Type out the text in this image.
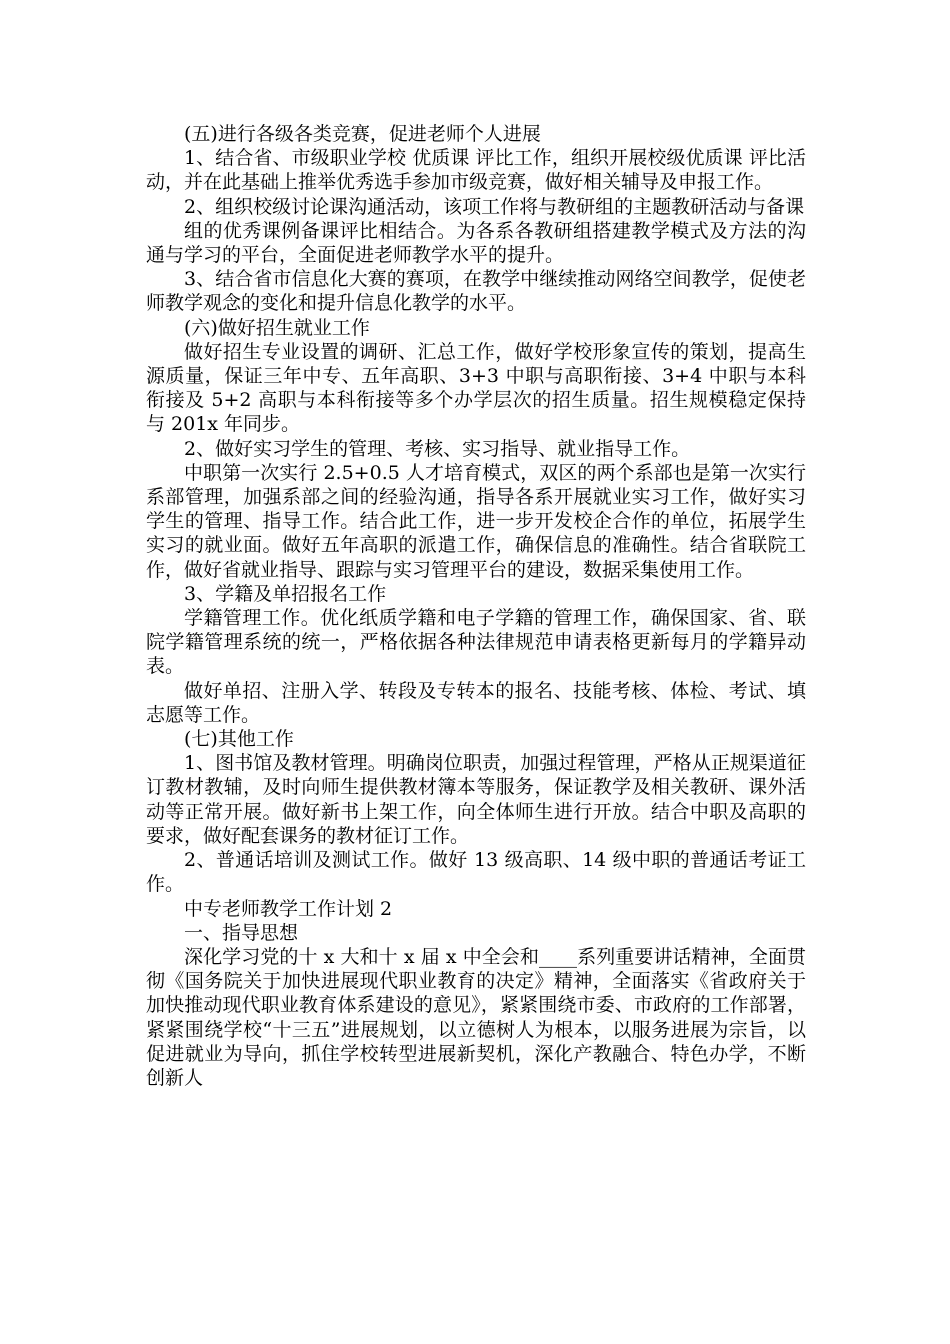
(五)进行各级各类竞赛，促进老师个人进展

1、结合省、市级职业学校 优质课 评比工作，组织开展校级优质课 评比活动，并在此基础上推举优秀选手参加市级竞赛，做好相关辅导及申报工作。

2、组织校级讨论课沟通活动，该项工作将与教研组的主题教研活动与备课

组的优秀课例备课评比相结合。为各系各教研组搭建教学模式及方法的沟通与学习的平台，全面促进老师教学水平的提升。

3、结合省市信息化大赛的赛项，在教学中继续推动网络空间教学，促使老师教学观念的变化和提升信息化教学的水平。

(六)做好招生就业工作

做好招生专业设置的调研、汇总工作，做好学校形象宣传的策划，提高生源质量，保证三年中专、五年高职、3+3 中职与高职衔接、3+4 中职与本科衔接及 5+2 高职与本科衔接等多个办学层次的招生质量。招生规模稳定保持与 201x 年同步。

2、做好实习学生的管理、考核、实习指导、就业指导工作。

中职第一次实行 2.5+0.5 人才培育模式，双区的两个系部也是第一次实行系部管理，加强系部之间的经验沟通，指导各系开展就业实习工作，做好实习学生的管理、指导工作。结合此工作，进一步开发校企合作的单位，拓展学生实习的就业面。做好五年高职的派遣工作，确保信息的准确性。结合省联院工作，做好省就业指导、跟踪与实习管理平台的建设，数据采集使用工作。

3、学籍及单招报名工作

学籍管理工作。优化纸质学籍和电子学籍的管理工作，确保国家、省、联院学籍管理系统的统一，严格依据各种法律规范申请表格更新每月的学籍异动表。

做好单招、注册入学、转段及专转本的报名、技能考核、体检、考试、填志愿等工作。

(七)其他工作

1、图书馆及教材管理。明确岗位职责，加强过程管理，严格从正规渠道征订教材教辅，及时向师生提供教材簿本等服务，保证教学及相关教研、课外活动等正常开展。做好新书上架工作，向全体师生进行开放。结合中职及高职的要求，做好配套课务的教材征订工作。

2、普通话培训及测试工作。做好 13 级高职、14 级中职的普通话考证工作。

中专老师教学工作计划 2

一、指导思想

深化学习党的十 x 大和十 x 届 x 中全会和____系列重要讲话精神，全面贯彻《国务院关于加快进展现代职业教育的决定》精神，全面落实《省政府关于加快推动现代职业教育体系建设的意见》，紧紧围绕市委、市政府的工作部署，紧紧围绕学校“十三五”进展规划，以立德树人为根本，以服务进展为宗旨，以促进就业为导向，抓住学校转型进展新契机，深化产教融合、特色办学，不断创新人
